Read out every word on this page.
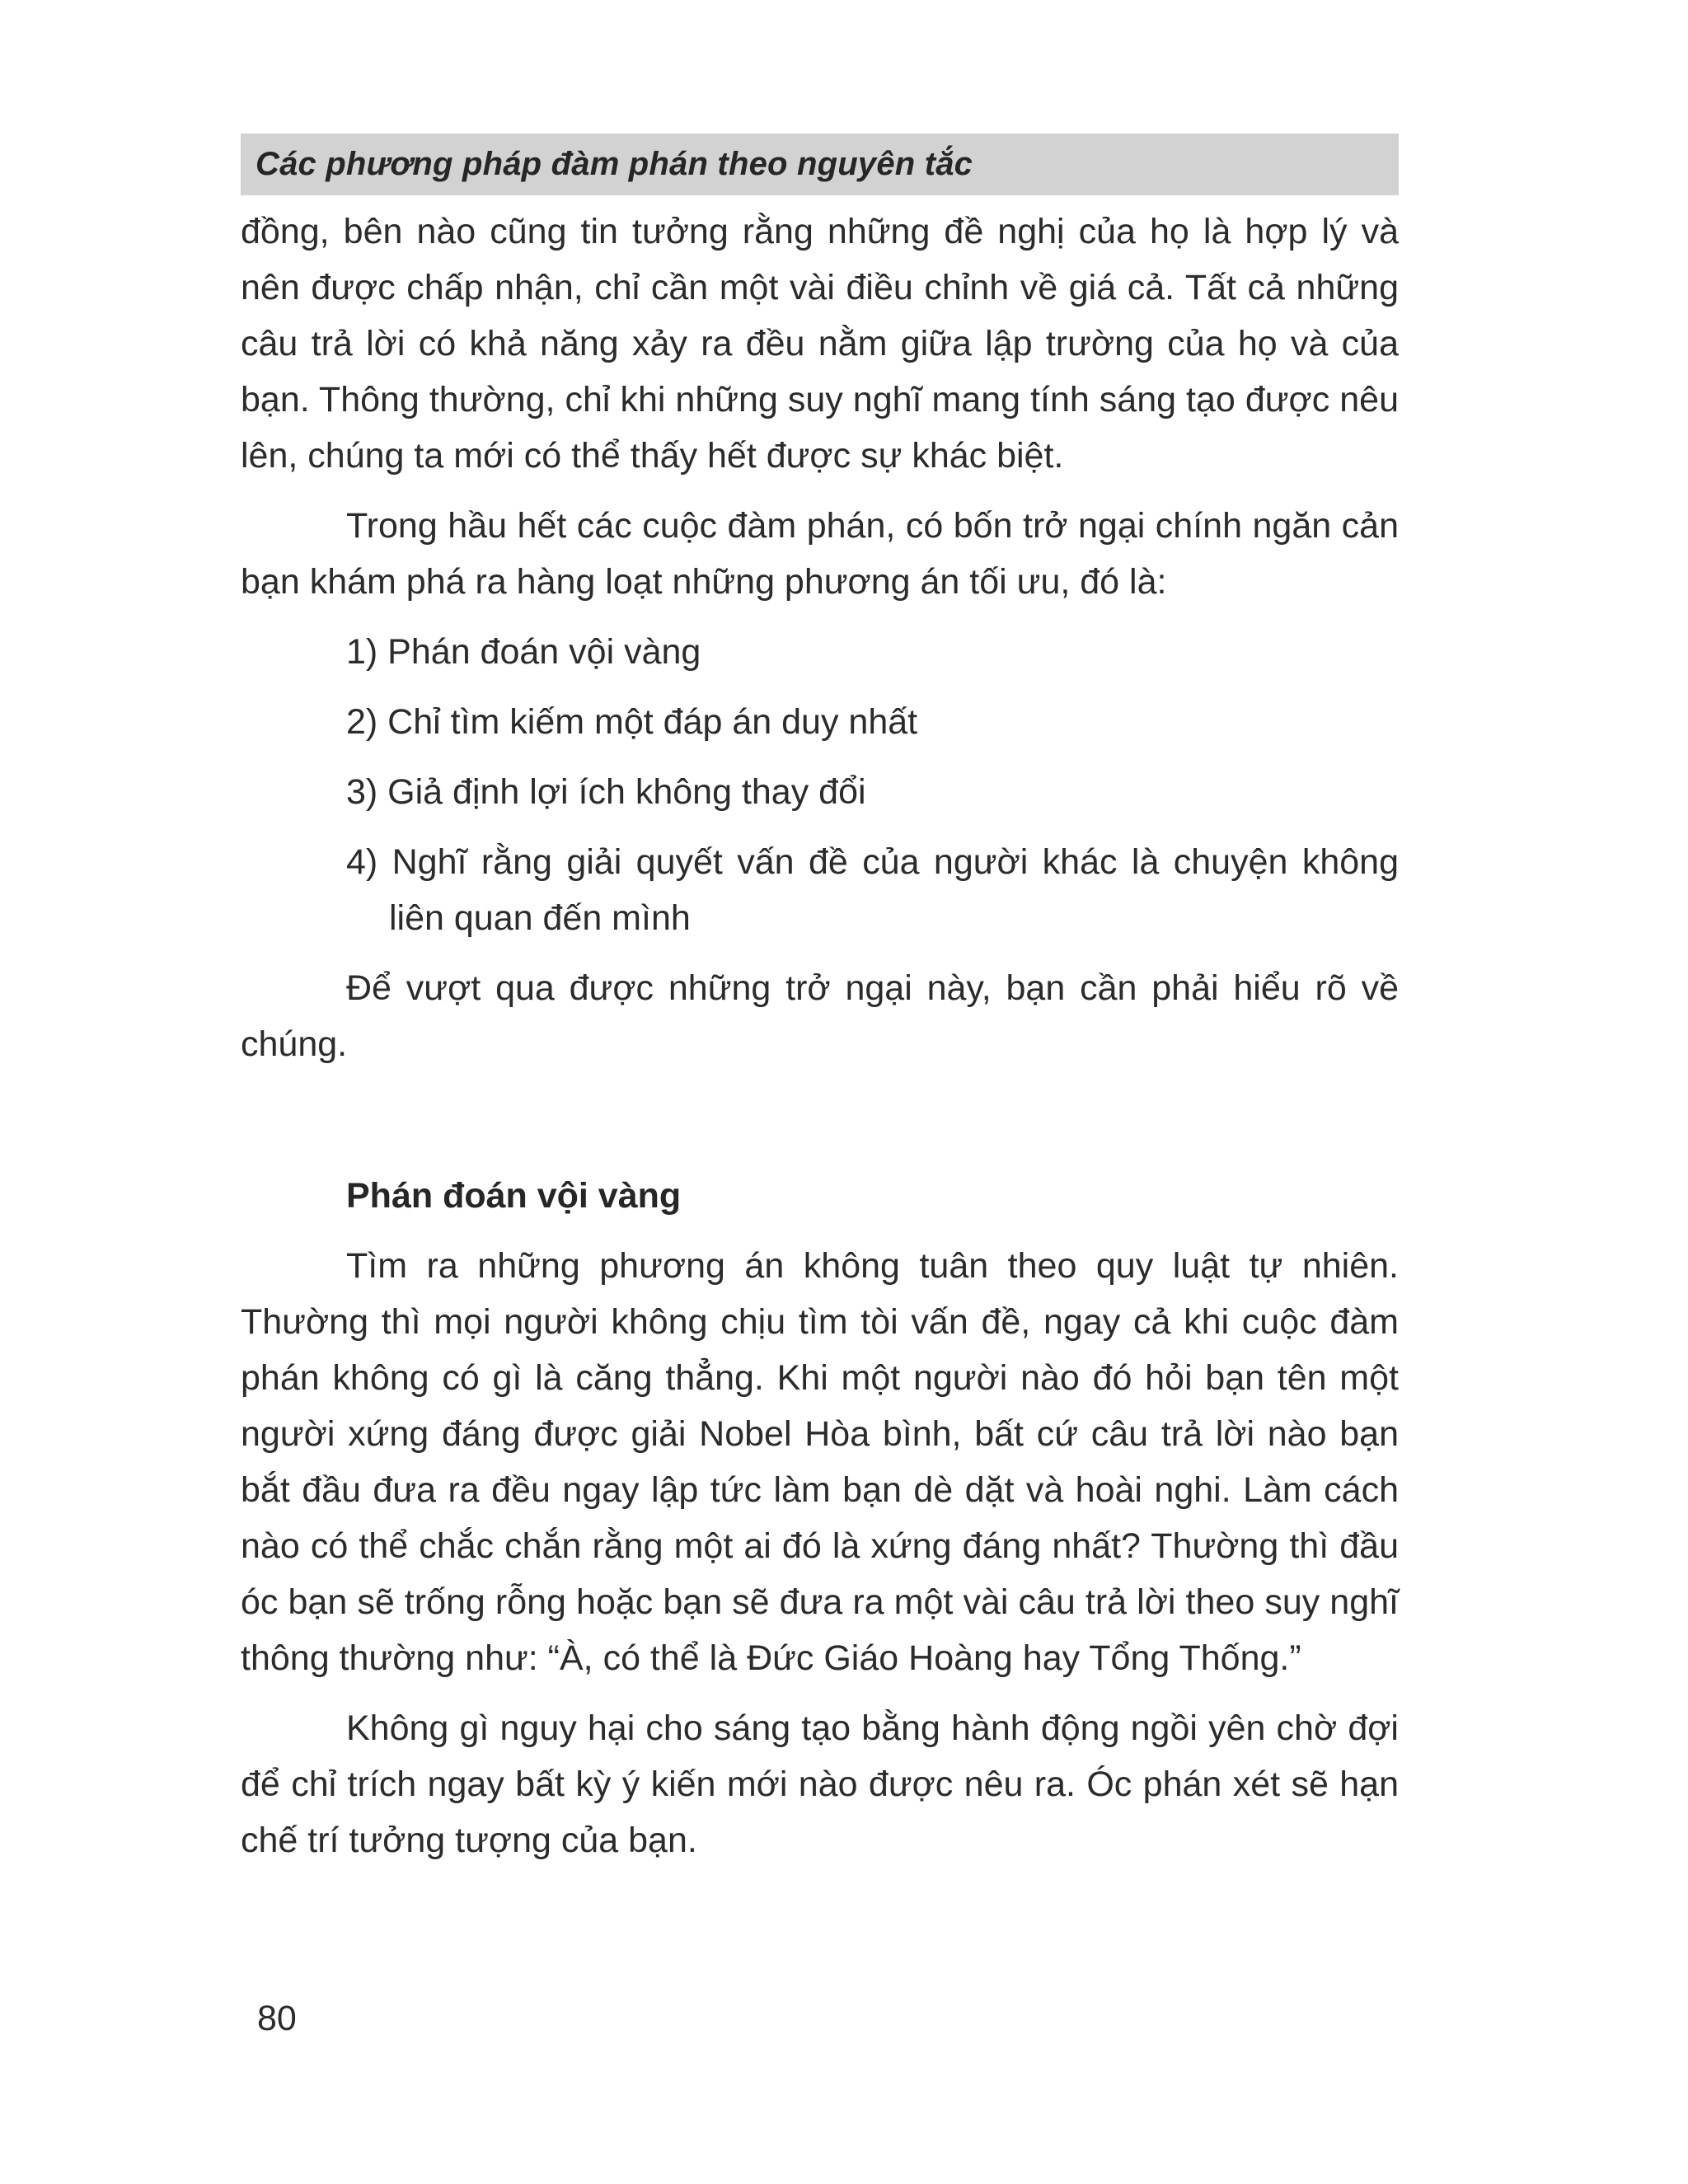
Các phương pháp đàm phán theo nguyên tắc

đồng, bên nào cũng tin tưởng rằng những đề nghị của họ là hợp lý và nên được chấp nhận, chỉ cần một vài điều chỉnh về giá cả. Tất cả những câu trả lời có khả năng xảy ra đều nằm giữa lập trường của họ và của bạn. Thông thường, chỉ khi những suy nghĩ mang tính sáng tạo được nêu lên, chúng ta mới có thể thấy hết được sự khác biệt.

Trong hầu hết các cuộc đàm phán, có bốn trở ngại chính ngăn cản bạn khám phá ra hàng loạt những phương án tối ưu, đó là:

1) Phán đoán vội vàng
2) Chỉ tìm kiếm một đáp án duy nhất
3) Giả định lợi ích không thay đổi
4) Nghĩ rằng giải quyết vấn đề của người khác là chuyện không liên quan đến mình

Để vượt qua được những trở ngại này, bạn cần phải hiểu rõ về chúng.

Phán đoán vội vàng

Tìm ra những phương án không tuân theo quy luật tự nhiên. Thường thì mọi người không chịu tìm tòi vấn đề, ngay cả khi cuộc đàm phán không có gì là căng thẳng. Khi một người nào đó hỏi bạn tên một người xứng đáng được giải Nobel Hòa bình, bất cứ câu trả lời nào bạn bắt đầu đưa ra đều ngay lập tức làm bạn dè dặt và hoài nghi. Làm cách nào có thể chắc chắn rằng một ai đó là xứng đáng nhất? Thường thì đầu óc bạn sẽ trống rỗng hoặc bạn sẽ đưa ra một vài câu trả lời theo suy nghĩ thông thường như: “À, có thể là Đức Giáo Hoàng hay Tổng Thống.”

Không gì nguy hại cho sáng tạo bằng hành động ngồi yên chờ đợi để chỉ trích ngay bất kỳ ý kiến mới nào được nêu ra. Óc phán xét sẽ hạn chế trí tưởng tượng của bạn.

80
